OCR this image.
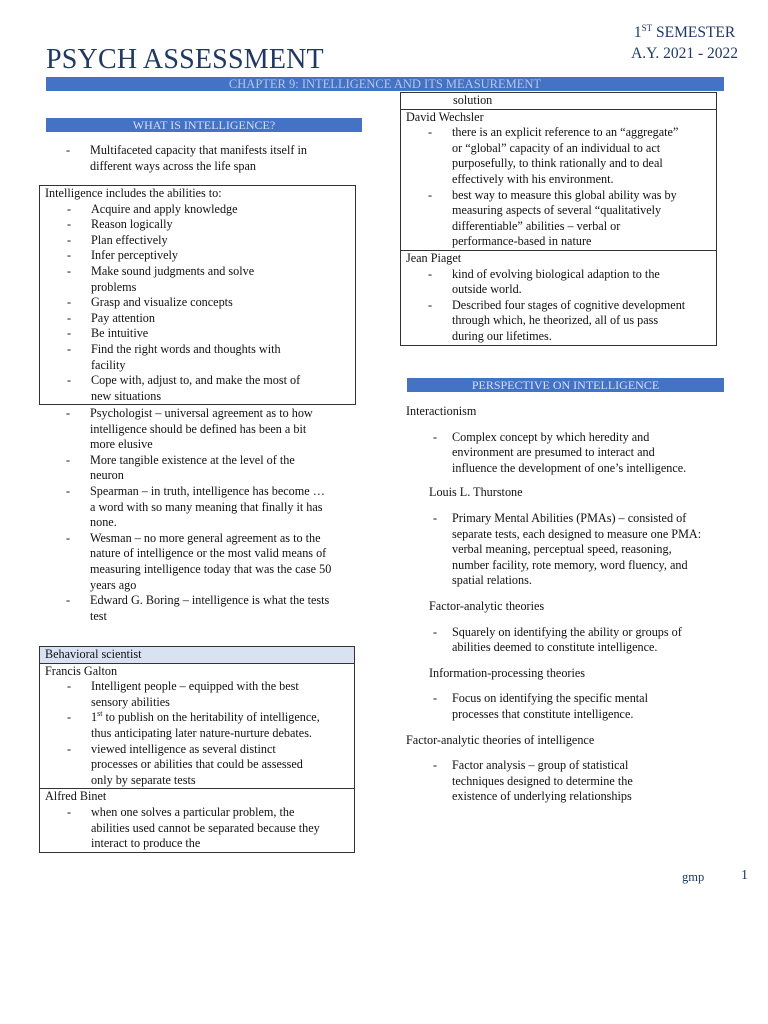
PSYCH ASSESSMENT
1ST SEMESTER
A.Y. 2021 - 2022
CHAPTER 9: INTELLIGENCE AND ITS MEASUREMENT
WHAT IS INTELLIGENCE?
- Multifaceted capacity that manifests itself in different ways across the life span
Intelligence includes the abilities to:
- Acquire and apply knowledge
- Reason logically
- Plan effectively
- Infer perceptively
- Make sound judgments and solve problems
- Grasp and visualize concepts
- Pay attention
- Be intuitive
- Find the right words and thoughts with facility
- Cope with, adjust to, and make the most of new situations
- Psychologist – universal agreement as to how intelligence should be defined has been a bit more elusive
- More tangible existence at the level of the neuron
- Spearman – in truth, intelligence has become … a word with so many meaning that finally it has none.
- Wesman – no more general agreement as to the nature of intelligence or the most valid means of measuring intelligence today that was the case 50 years ago
- Edward G. Boring – intelligence is what the tests test
Behavioral scientist
Francis Galton
- Intelligent people – equipped with the best sensory abilities
- 1st to publish on the heritability of intelligence, thus anticipating later nature-nurture debates.
- viewed intelligence as several distinct processes or abilities that could be assessed only by separate tests
Alfred Binet
- when one solves a particular problem, the abilities used cannot be separated because they interact to produce the
solution
David Wechsler
- there is an explicit reference to an “aggregate” or “global” capacity of an individual to act purposefully, to think rationally and to deal effectively with his environment.
- best way to measure this global ability was by measuring aspects of several “qualitatively differentiable” abilities – verbal or performance-based in nature
Jean Piaget
- kind of evolving biological adaption to the outside world.
- Described four stages of cognitive development through which, he theorized, all of us pass during our lifetimes.
PERSPECTIVE ON INTELLIGENCE
Interactionism
- Complex concept by which heredity and environment are presumed to interact and influence the development of one’s intelligence.
Louis L. Thurstone
- Primary Mental Abilities (PMAs) – consisted of separate tests, each designed to measure one PMA: verbal meaning, perceptual speed, reasoning, number facility, rote memory, word fluency, and spatial relations.
Factor-analytic theories
- Squarely on identifying the ability or groups of abilities deemed to constitute intelligence.
Information-processing theories
- Focus on identifying the specific mental processes that constitute intelligence.
Factor-analytic theories of intelligence
- Factor analysis – group of statistical techniques designed to determine the existence of underlying relationships
gmp	1
